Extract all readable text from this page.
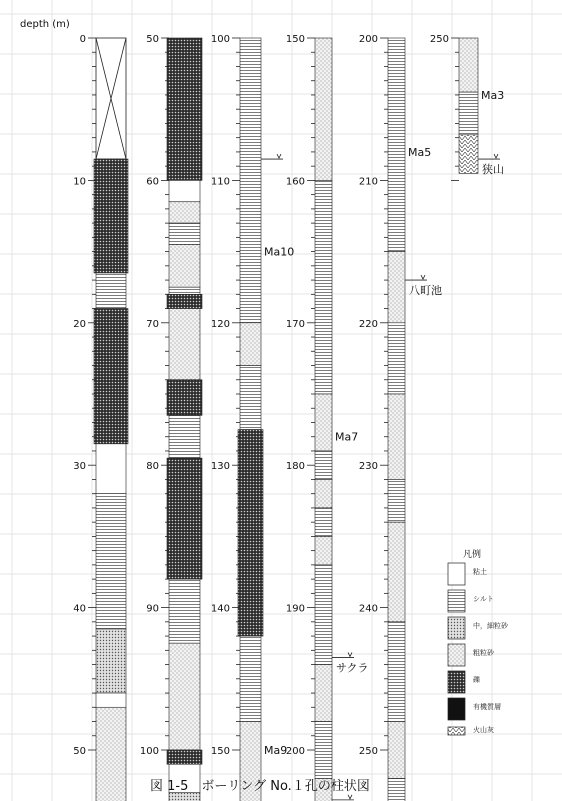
depth (m)
0
10
20
30
40
50
50
60
70
80
90
100
100
110
120
130
140
150
150
160
170
180
190
200
200
210
220
230
240
250
250
Ma10
Ma9
Ma7
Ma5
Ma3
八町池
サクラ
狭山
凡例
粘土
シルト
中，細粒砂
粗粒砂
礫
有機質層
火山灰
図 1-5　ボーリング No.１孔の柱状図
